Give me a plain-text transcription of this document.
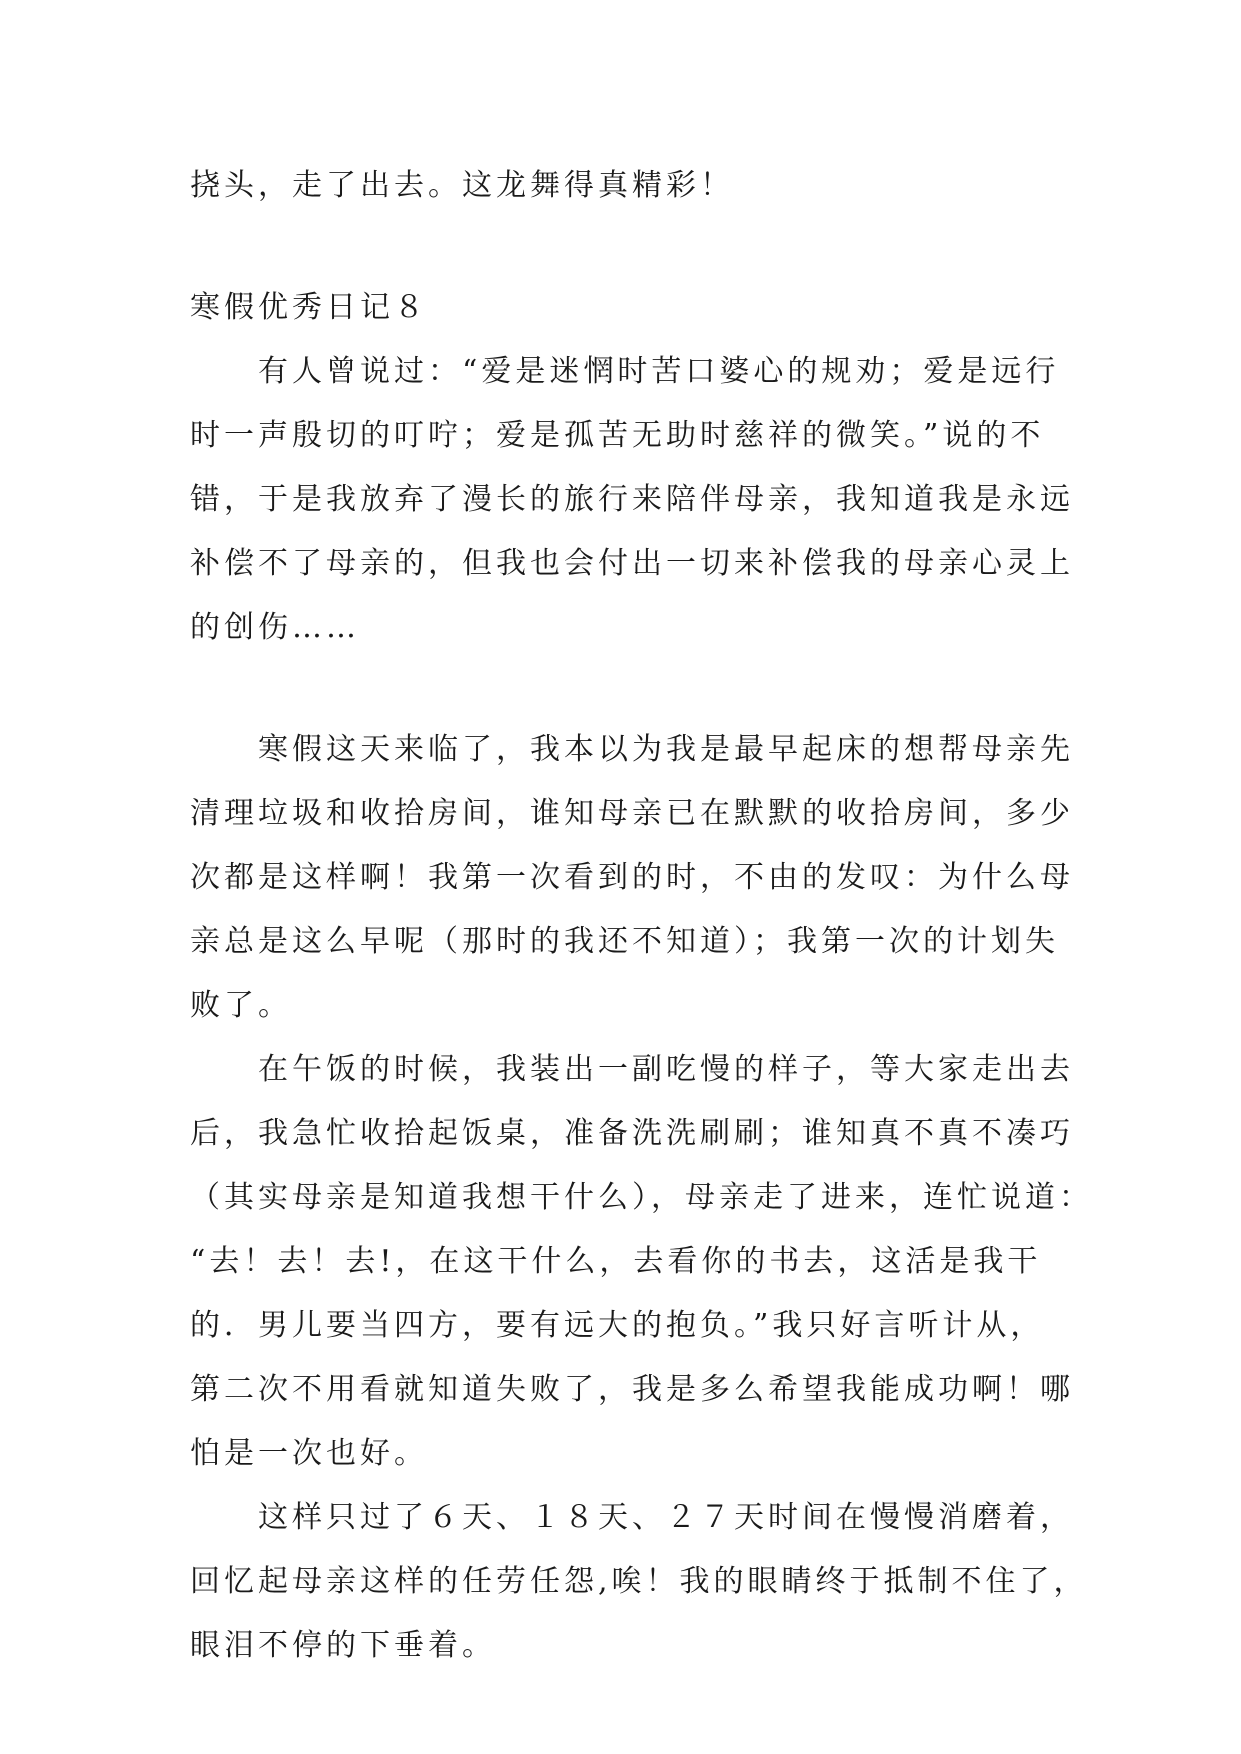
挠头，走了出去。这龙舞得真精彩！
寒假优秀日记８
有人曾说过：“爱是迷惘时苦口婆心的规劝；爱是远行
时一声殷切的叮咛；爱是孤苦无助时慈祥的微笑。”说的不
错，于是我放弃了漫长的旅行来陪伴母亲，我知道我是永远
补偿不了母亲的，但我也会付出一切来补偿我的母亲心灵上
的创伤……
寒假这天来临了，我本以为我是最早起床的想帮母亲先
清理垃圾和收拾房间，谁知母亲已在默默的收拾房间，多少
次都是这样啊！我第一次看到的时，不由的发叹：为什么母
亲总是这么早呢（那时的我还不知道）；我第一次的计划失
败了。
在午饭的时候，我装出一副吃慢的样子，等大家走出去
后，我急忙收拾起饭桌，准备洗洗刷刷；谁知真不真不凑巧
（其实母亲是知道我想干什么），母亲走了进来，连忙说道：
“去！去！去!，在这干什么，去看你的书去，这活是我干
的．男儿要当四方，要有远大的抱负。”我只好言听计从，
第二次不用看就知道失败了，我是多么希望我能成功啊！哪
怕是一次也好。
这样只过了６天、１８天、２７天时间在慢慢消磨着，
回忆起母亲这样的任劳任怨,唉！我的眼睛终于抵制不住了，
眼泪不停的下垂着。
